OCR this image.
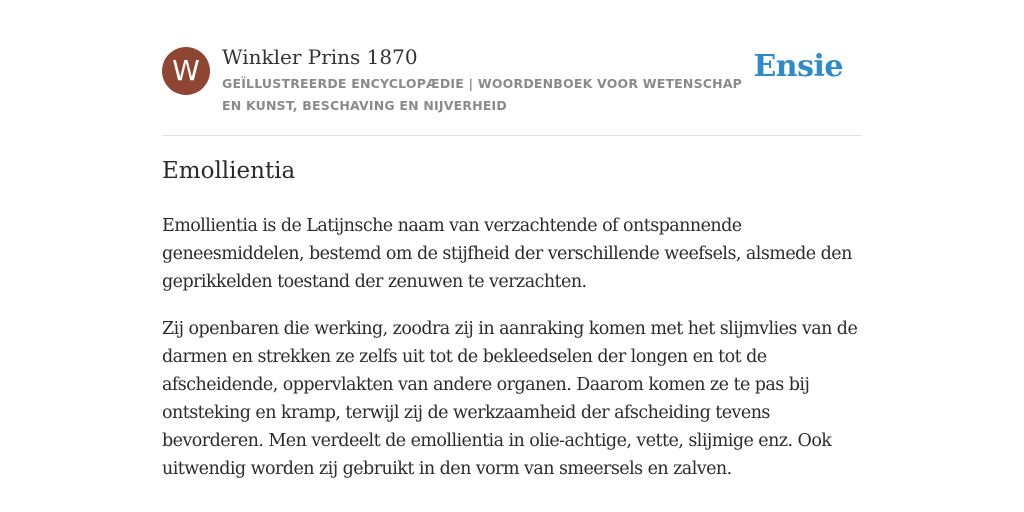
W	Winkler Prins 1870
GEÏLLUSTREERDE ENCYCLOPÆDIE | WOORDENBOEK VOOR WETENSCHAP EN KUNST, BESCHAVING EN NIJVERHEID
Ensie
Emollientia

Emollientia is de Latijnsche naam van verzachtende of ontspannende geneesmiddelen, bestemd om de stijfheid der verschillende weefsels, alsmede den geprikkelden toestand der zenuwen te verzachten.

Zij openbaren die werking, zoodra zij in aanraking komen met het slijmvlies van de darmen en strekken ze zelfs uit tot de bekleedselen der longen en tot de afscheidende, oppervlakten van andere organen. Daarom komen ze te pas bij ontsteking en kramp, terwijl zij de werkzaamheid der afscheiding tevens bevorderen. Men verdeelt de emollientia in olie-achtige, vette, slijmige enz. Ook uitwendig worden zij gebruikt in den vorm van smeersels en zalven.
